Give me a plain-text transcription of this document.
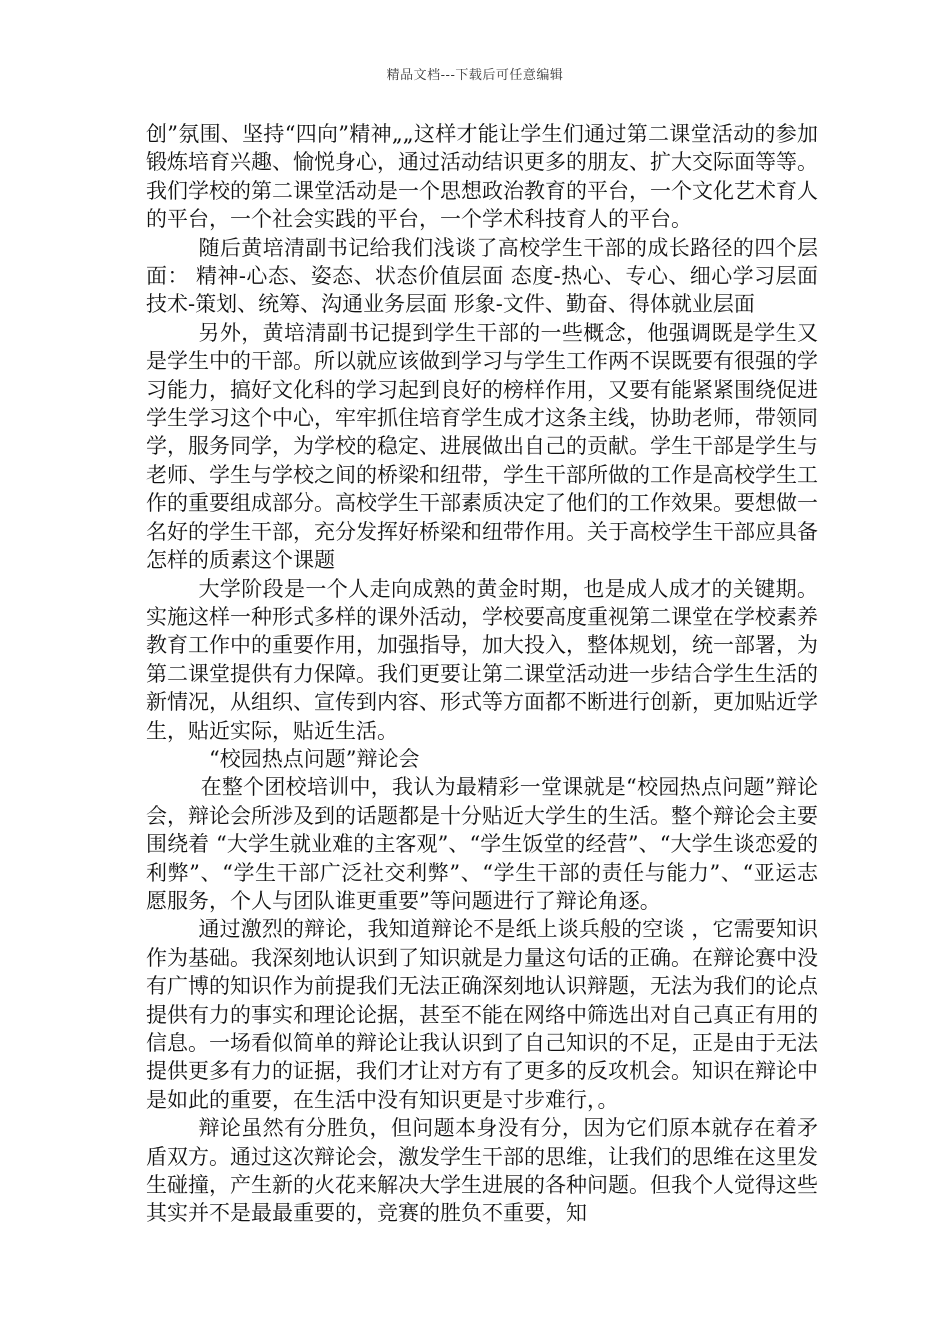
精品文档---下载后可任意编辑

创”氛围、坚持“四向”精神„„这样才能让学生们通过第二课堂活动的参加锻炼培育兴趣、愉悦身心，通过活动结识更多的朋友、扩大交际面等等。我们学校的第二课堂活动是一个思想政治教育的平台，一个文化艺术育人的平台，一个社会实践的平台，一个学术科技育人的平台。

随后黄培清副书记给我们浅谈了高校学生干部的成长路径的四个层面： 精神-心态、姿态、状态价值层面 态度-热心、专心、细心学习层面 技术-策划、统筹、沟通业务层面 形象-文件、勤奋、得体就业层面

另外，黄培清副书记提到学生干部的一些概念，他强调既是学生又是学生中的干部。所以就应该做到学习与学生工作两不误既要有很强的学习能力，搞好文化科的学习起到良好的榜样作用，又要有能紧紧围绕促进学生学习这个中心，牢牢抓住培育学生成才这条主线，协助老师，带领同学，服务同学，为学校的稳定、进展做出自己的贡献。学生干部是学生与老师、学生与学校之间的桥梁和纽带，学生干部所做的工作是高校学生工作的重要组成部分。高校学生干部素质决定了他们的工作效果。要想做一名好的学生干部，充分发挥好桥梁和纽带作用。关于高校学生干部应具备怎样的质素这个课题

大学阶段是一个人走向成熟的黄金时期，也是成人成才的关键期。实施这样一种形式多样的课外活动，学校要高度重视第二课堂在学校素养教育工作中的重要作用，加强指导，加大投入，整体规划，统一部署，为第二课堂提供有力保障。我们更要让第二课堂活动进一步结合学生生活的新情况，从组织、宣传到内容、形式等方面都不断进行创新，更加贴近学生，贴近实际，贴近生活。

“校园热点问题”辩论会

在整个团校培训中，我认为最精彩一堂课就是“校园热点问题”辩论会，辩论会所涉及到的话题都是十分贴近大学生的生活。整个辩论会主要围绕着 “大学生就业难的主客观”、“学生饭堂的经营”、“大学生谈恋爱的利弊”、“学生干部广泛社交利弊”、“学生干部的责任与能力”、“亚运志愿服务，个人与团队谁更重要”等问题进行了辩论角逐。

通过激烈的辩论，我知道辩论不是纸上谈兵般的空谈 ，它需要知识作为基础。我深刻地认识到了知识就是力量这句话的正确。在辩论赛中没有广博的知识作为前提我们无法正确深刻地认识辩题，无法为我们的论点提供有力的事实和理论论据，甚至不能在网络中筛选出对自己真正有用的信息。一场看似简单的辩论让我认识到了自己知识的不足，正是由于无法提供更多有力的证据，我们才让对方有了更多的反攻机会。知识在辩论中是如此的重要，在生活中没有知识更是寸步难行，。

辩论虽然有分胜负，但问题本身没有分，因为它们原本就存在着矛盾双方。通过这次辩论会，激发学生干部的思维，让我们的思维在这里发生碰撞，产生新的火花来解决大学生进展的各种问题。但我个人觉得这些其实并不是最最重要的，竞赛的胜负不重要，知
